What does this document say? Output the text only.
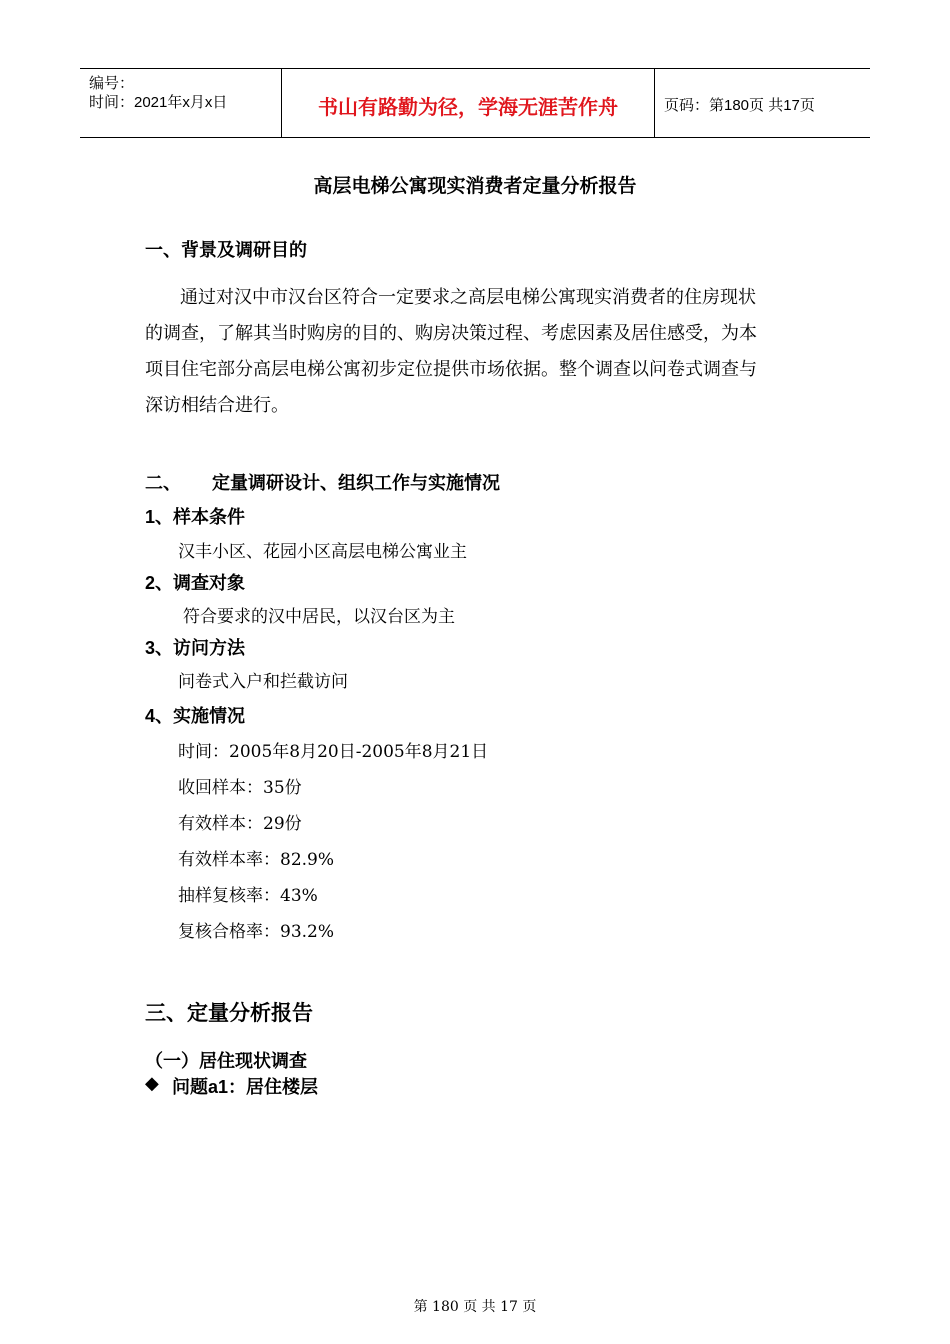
编号：
时间：2021年x月x日	书山有路勤为径，学海无涯苦作舟	页码：第180页 共17页
高层电梯公寓现实消费者定量分析报告
一、背景及调研目的
通过对汉中市汉台区符合一定要求之高层电梯公寓现实消费者的住房现状
的调查，了解其当时购房的目的、购房决策过程、考虑因素及居住感受，为本
项目住宅部分高层电梯公寓初步定位提供市场依据。整个调查以问卷式调查与
深访相结合进行。
二、 定量调研设计、组织工作与实施情况
1、样本条件
汉丰小区、花园小区高层电梯公寓业主
2、调查对象
符合要求的汉中居民，以汉台区为主
3、访问方法
问卷式入户和拦截访问
4、实施情况
时间：2005年8月20日-2005年8月21日
收回样本：35份
有效样本：29份
有效样本率：82.9%
抽样复核率：43%
复核合格率：93.2%
三、定量分析报告
（一）居住现状调查
◆ 问题a1：居住楼层
第 180 页 共 17 页
